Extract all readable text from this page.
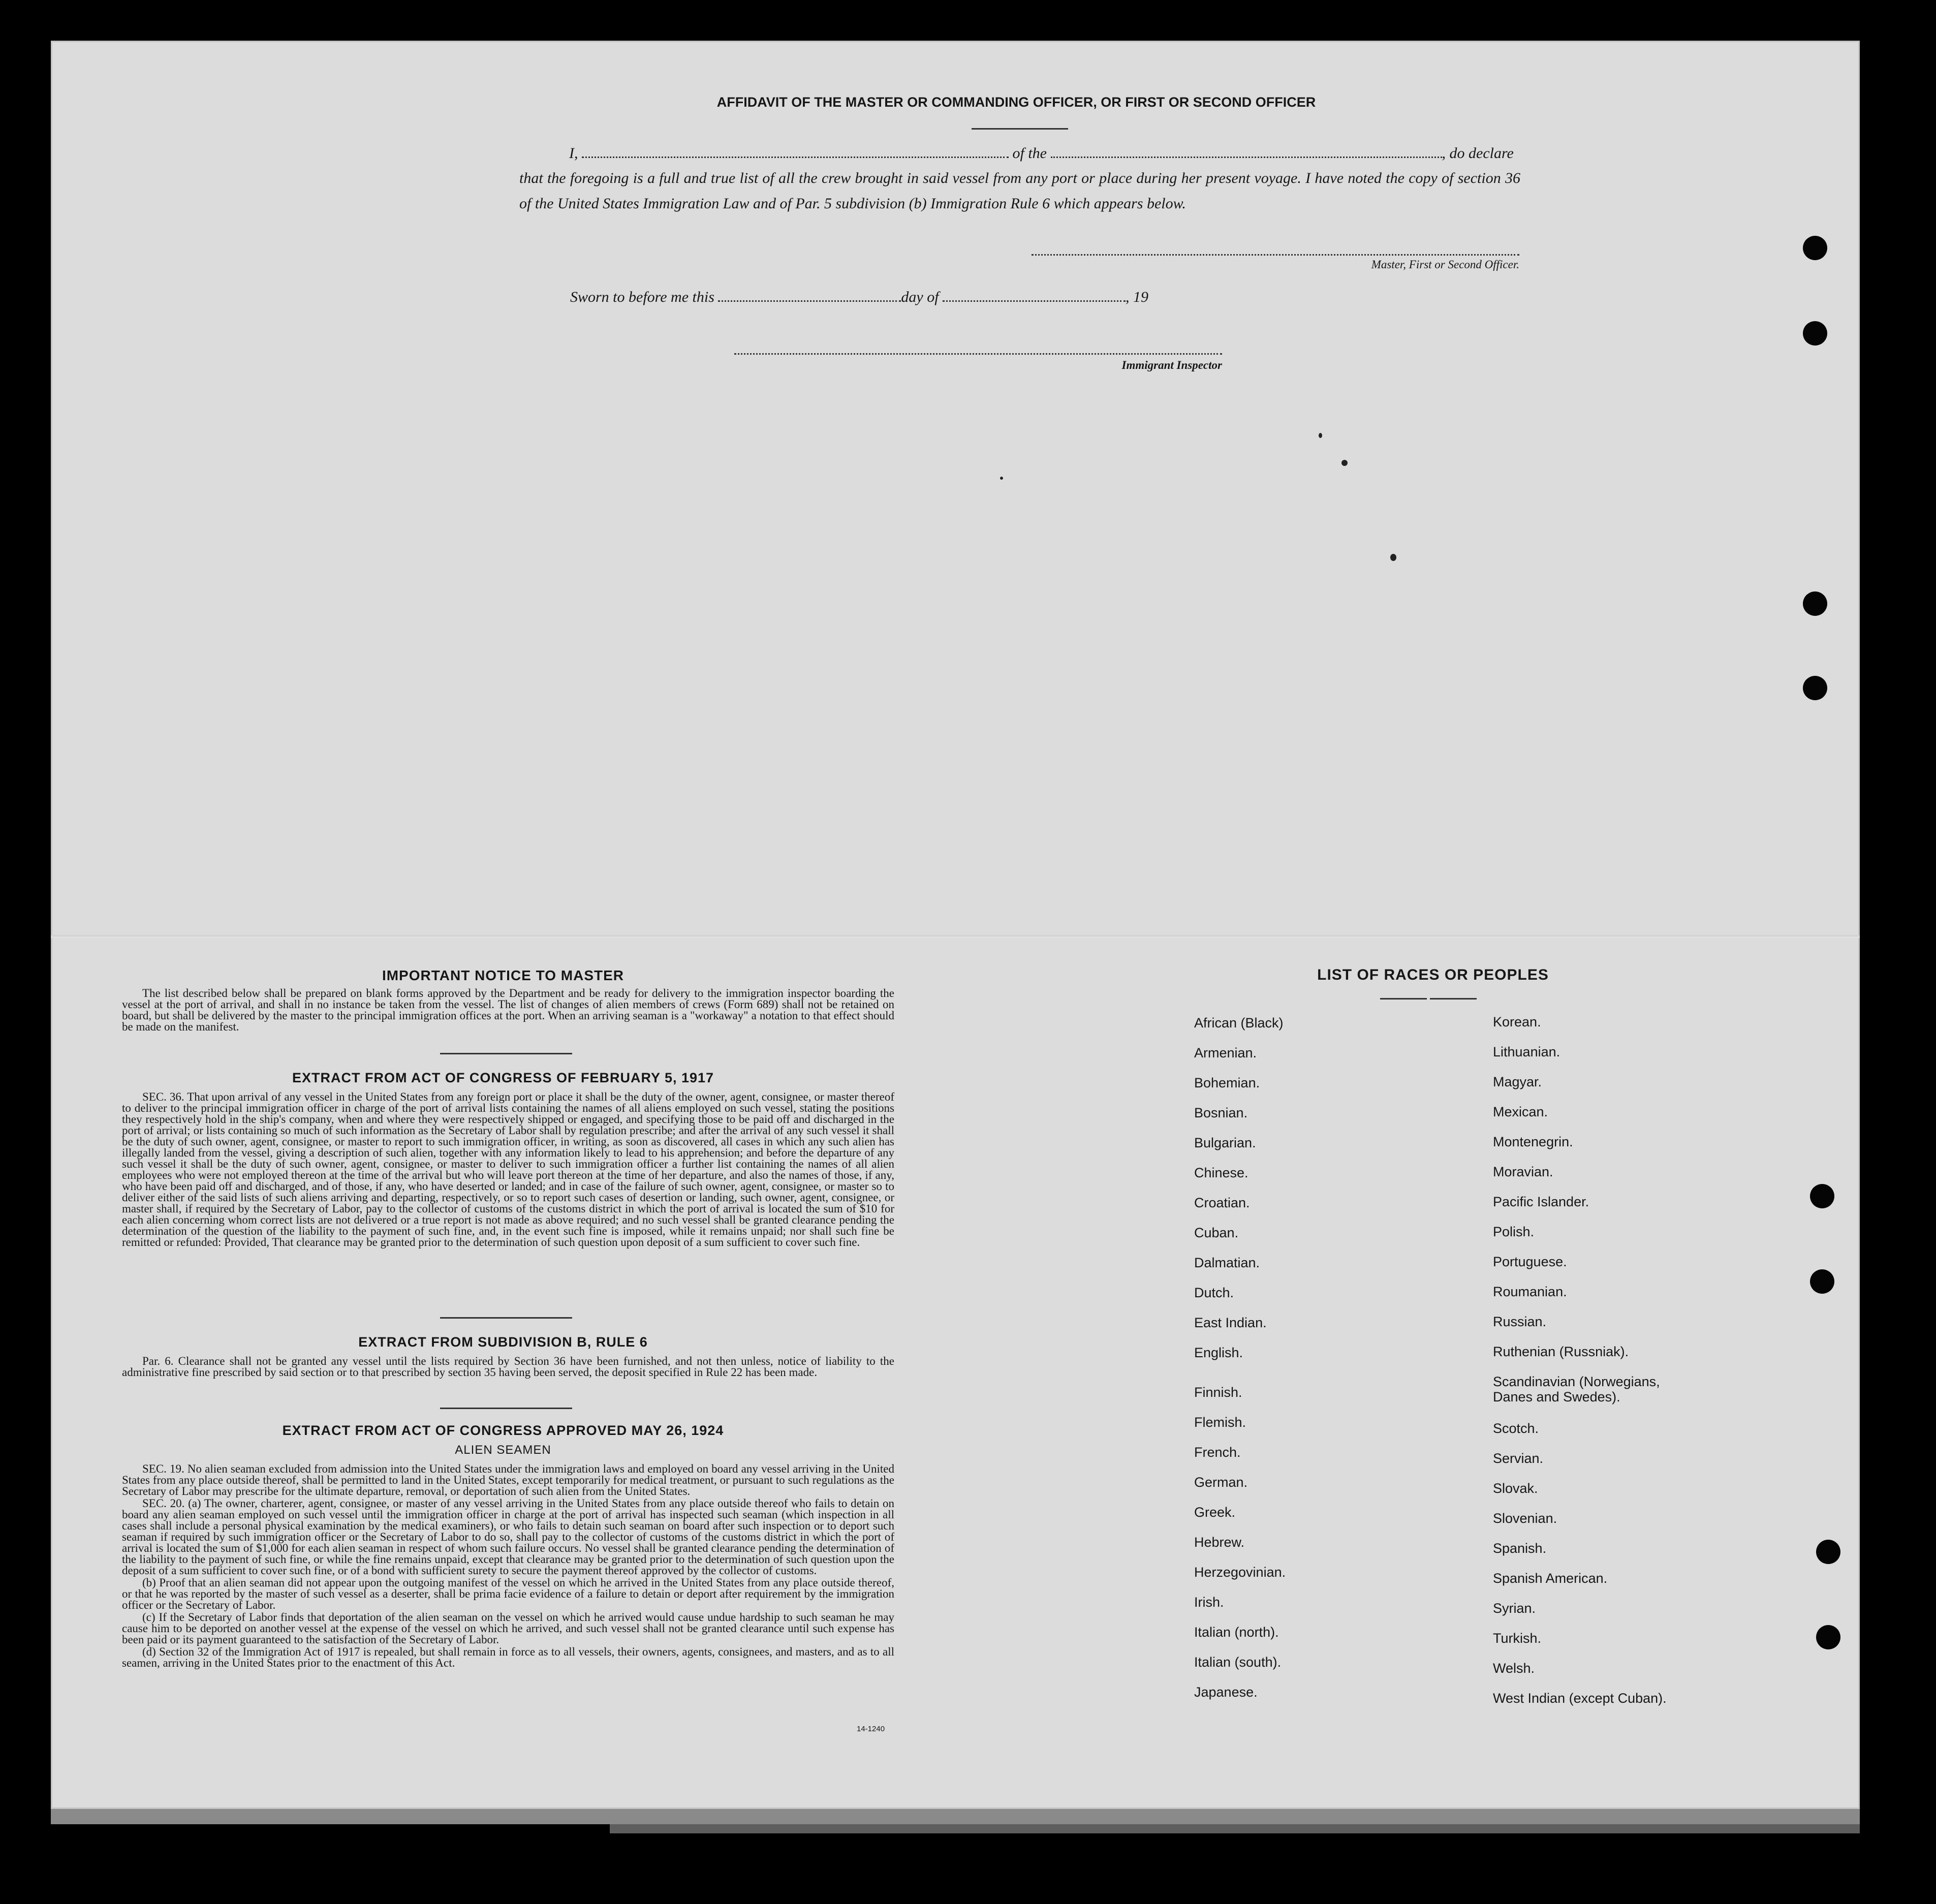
AFFIDAVIT OF THE MASTER OR COMMANDING OFFICER, OR FIRST OR SECOND OFFICER
I,	of the	, do declare
that the foregoing is a full and true list of all the crew brought in said vessel from any port or place during her present voyage. I have noted the copy of section 36 of the United States Immigration Law and of Par. 5 subdivision (b) Immigration Rule 6 which appears below.
Master, First or Second Officer.
Sworn to before me this	day of	, 19
Immigrant Inspector
IMPORTANT NOTICE TO MASTER

The list described below shall be prepared on blank forms approved by the Department and be ready for delivery to the immigration inspector boarding the vessel at the port of arrival, and shall in no instance be taken from the vessel. The list of changes of alien members of crews (Form 689) shall not be retained on board, but shall be delivered by the master to the principal immigration offices at the port. When an arriving seaman is a "workaway" a notation to that effect should be made on the manifest.

EXTRACT FROM ACT OF CONGRESS OF FEBRUARY 5, 1917

SEC. 36. That upon arrival of any vessel in the United States from any foreign port or place it shall be the duty of the owner, agent, consignee, or master thereof to deliver to the principal immigration officer in charge of the port of arrival lists containing the names of all aliens employed on such vessel, stating the positions they respectively hold in the ship's company, when and where they were respectively shipped or engaged, and specifying those to be paid off and discharged in the port of arrival; or lists containing so much of such information as the Secretary of Labor shall by regulation prescribe; and after the arrival of any such vessel it shall be the duty of such owner, agent, consignee, or master to report to such immigration officer, in writing, as soon as discovered, all cases in which any such alien has illegally landed from the vessel, giving a description of such alien, together with any information likely to lead to his apprehension; and before the departure of any such vessel it shall be the duty of such owner, agent, consignee, or master to deliver to such immigration officer a further list containing the names of all alien employees who were not employed thereon at the time of the arrival but who will leave port thereon at the time of her departure, and also the names of those, if any, who have been paid off and discharged, and of those, if any, who have deserted or landed; and in case of the failure of such owner, agent, consignee, or master so to deliver either of the said lists of such aliens arriving and departing, respectively, or so to report such cases of desertion or landing, such owner, agent, consignee, or master shall, if required by the Secretary of Labor, pay to the collector of customs of the customs district in which the port of arrival is located the sum of $10 for each alien concerning whom correct lists are not delivered or a true report is not made as above required; and no such vessel shall be granted clearance pending the determination of the question of the liability to the payment of such fine, and, in the event such fine is imposed, while it remains unpaid; nor shall such fine be remitted or refunded: Provided, That clearance may be granted prior to the determination of such question upon deposit of a sum sufficient to cover such fine.

EXTRACT FROM SUBDIVISION B, RULE 6

Par. 6. Clearance shall not be granted any vessel until the lists required by Section 36 have been furnished, and not then unless, notice of liability to the administrative fine prescribed by said section or to that prescribed by section 35 having been served, the deposit specified in Rule 22 has been made.

EXTRACT FROM ACT OF CONGRESS APPROVED MAY 26, 1924
ALIEN SEAMEN

SEC. 19. No alien seaman excluded from admission into the United States under the immigration laws and employed on board any vessel arriving in the United States from any place outside thereof, shall be permitted to land in the United States, except temporarily for medical treatment, or pursuant to such regulations as the Secretary of Labor may prescribe for the ultimate departure, removal, or deportation of such alien from the United States.

SEC. 20. (a) The owner, charterer, agent, consignee, or master of any vessel arriving in the United States from any place outside thereof who fails to detain on board any alien seaman employed on such vessel until the immigration officer in charge at the port of arrival has inspected such seaman (which inspection in all cases shall include a personal physical examination by the medical examiners), or who fails to detain such seaman on board after such inspection or to deport such seaman if required by such immigration officer or the Secretary of Labor to do so, shall pay to the collector of customs of the customs district in which the port of arrival is located the sum of $1,000 for each alien seaman in respect of whom such failure occurs. No vessel shall be granted clearance pending the determination of the liability to the payment of such fine, or while the fine remains unpaid, except that clearance may be granted prior to the determination of such question upon the deposit of a sum sufficient to cover such fine, or of a bond with sufficient surety to secure the payment thereof approved by the collector of customs.

(b) Proof that an alien seaman did not appear upon the outgoing manifest of the vessel on which he arrived in the United States from any place outside thereof, or that he was reported by the master of such vessel as a deserter, shall be prima facie evidence of a failure to detain or deport after requirement by the immigration officer or the Secretary of Labor.

(c) If the Secretary of Labor finds that deportation of the alien seaman on the vessel on which he arrived would cause undue hardship to such seaman he may cause him to be deported on another vessel at the expense of the vessel on which he arrived, and such vessel shall not be granted clearance until such expense has been paid or its payment guaranteed to the satisfaction of the Secretary of Labor.

(d) Section 32 of the Immigration Act of 1917 is repealed, but shall remain in force as to all vessels, their owners, agents, consignees, and masters, and as to all seamen, arriving in the United States prior to the enactment of this Act.

14-1240
LIST OF RACES OR PEOPLES
African (Black)
Armenian.
Bohemian.
Bosnian.
Bulgarian.
Chinese.
Croatian.
Cuban.
Dalmatian.
Dutch.
East Indian.
English.
Finnish.
Flemish.
French.
German.
Greek.
Hebrew.
Herzegovinian.
Irish.
Italian (north).
Italian (south).
Japanese.
Korean.
Lithuanian.
Magyar.
Mexican.
Montenegrin.
Moravian.
Pacific Islander.
Polish.
Portuguese.
Roumanian.
Russian.
Ruthenian (Russniak).
Scandinavian (Norwegians, Danes and Swedes).
Scotch.
Servian.
Slovak.
Slovenian.
Spanish.
Spanish American.
Syrian.
Turkish.
Welsh.
West Indian (except Cuban).
